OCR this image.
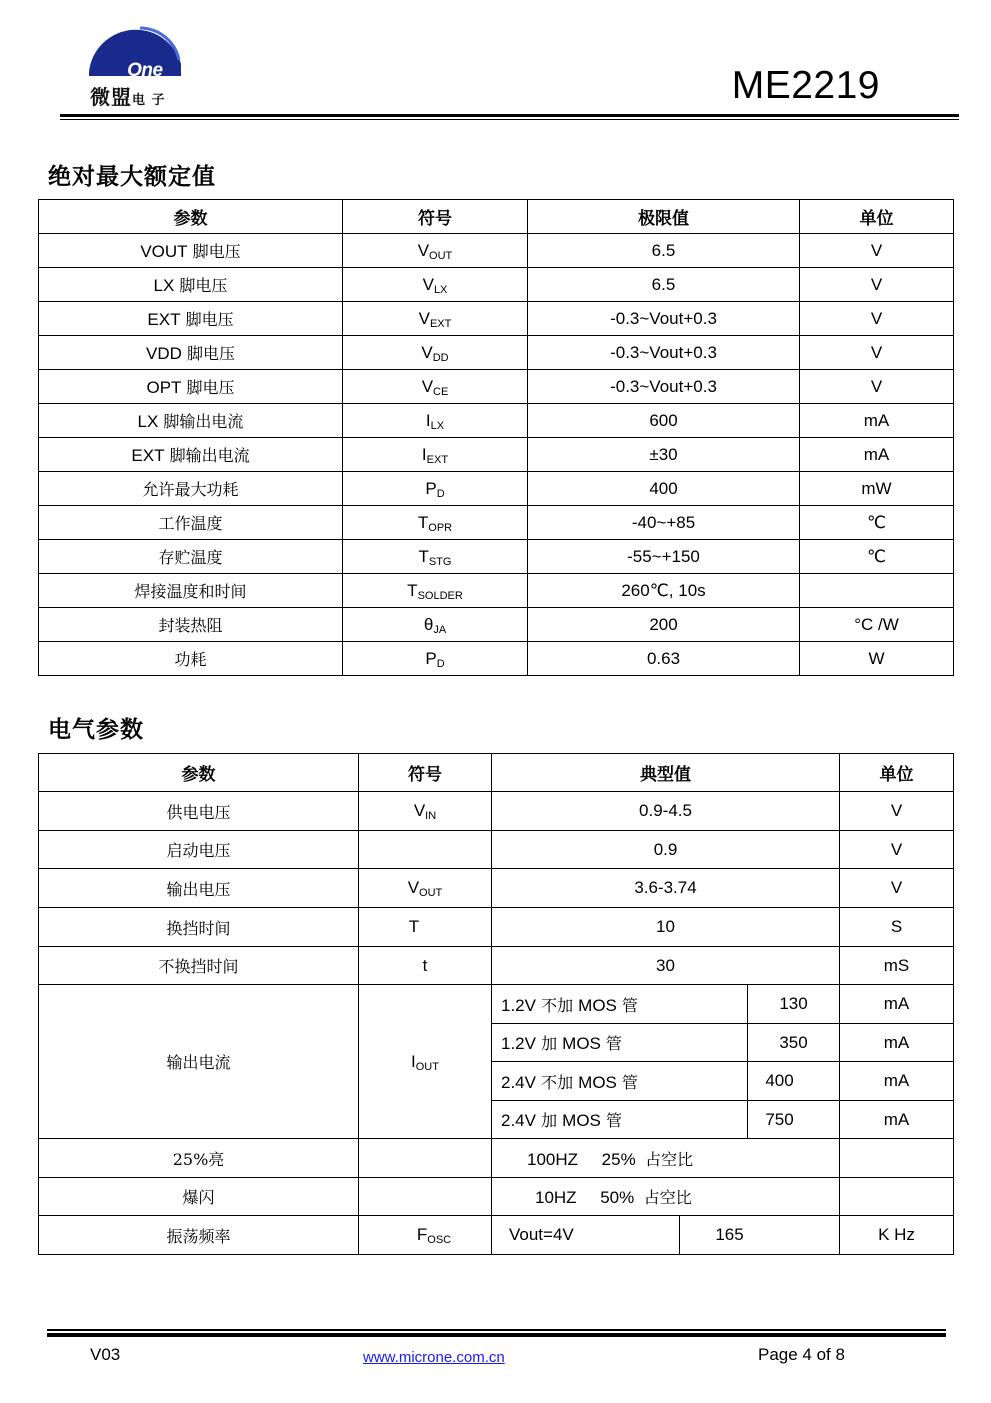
MicrOne
微盟电 子	ME2219
绝对最大额定值
参数	符号	极限值	单位
VOUT 脚电压	$V_{OUT}$	6.5	V
LX 脚电压	$V_{LX}$	6.5	V
EXT 脚电压	$V_{EXT}$	-0.3~Vout+0.3	V
VDD 脚电压	$V_{DD}$	-0.3~Vout+0.3	V
OPT 脚电压	$V_{CE}$	-0.3~Vout+0.3	V
LX 脚输出电流	$I_{LX}$	600	mA
EXT 脚输出电流	$I_{EXT}$	±30	mA
允许最大功耗	$P_D$	400	mW
工作温度	$T_{OPR}$	-40~+85	℃
存贮温度	$T_{STG}$	-55~+150	℃
焊接温度和时间	$T_{SOLDER}$	260℃, 10s	
封装热阻	$\theta_{JA}$	200	°C /W
功耗	$P_D$	0.63	W
电气参数
参数	符号	典型值			单位
供电电压	$V_{IN}$	0.9-4.5			V
启动电压		0.9			V
输出电压	$V_{OUT}$	3.6-3.74			V
换挡时间	T	10			S
不换挡时间	t	30			mS
输出电流	$I_{OUT}$	1.2V 不加 MOS 管		130	mA
		1.2V 加 MOS 管		350	mA
		2.4V 不加 MOS 管		400	mA
		2.4V 加 MOS 管		750	mA
25%亮		100HZ 25% 占空比			
爆闪		10HZ 50% 占空比			
振荡频率	$F_{OSC}$	Vout=4V	165		K Hz
V03	www.microne.com.cn	Page 4 of 8
